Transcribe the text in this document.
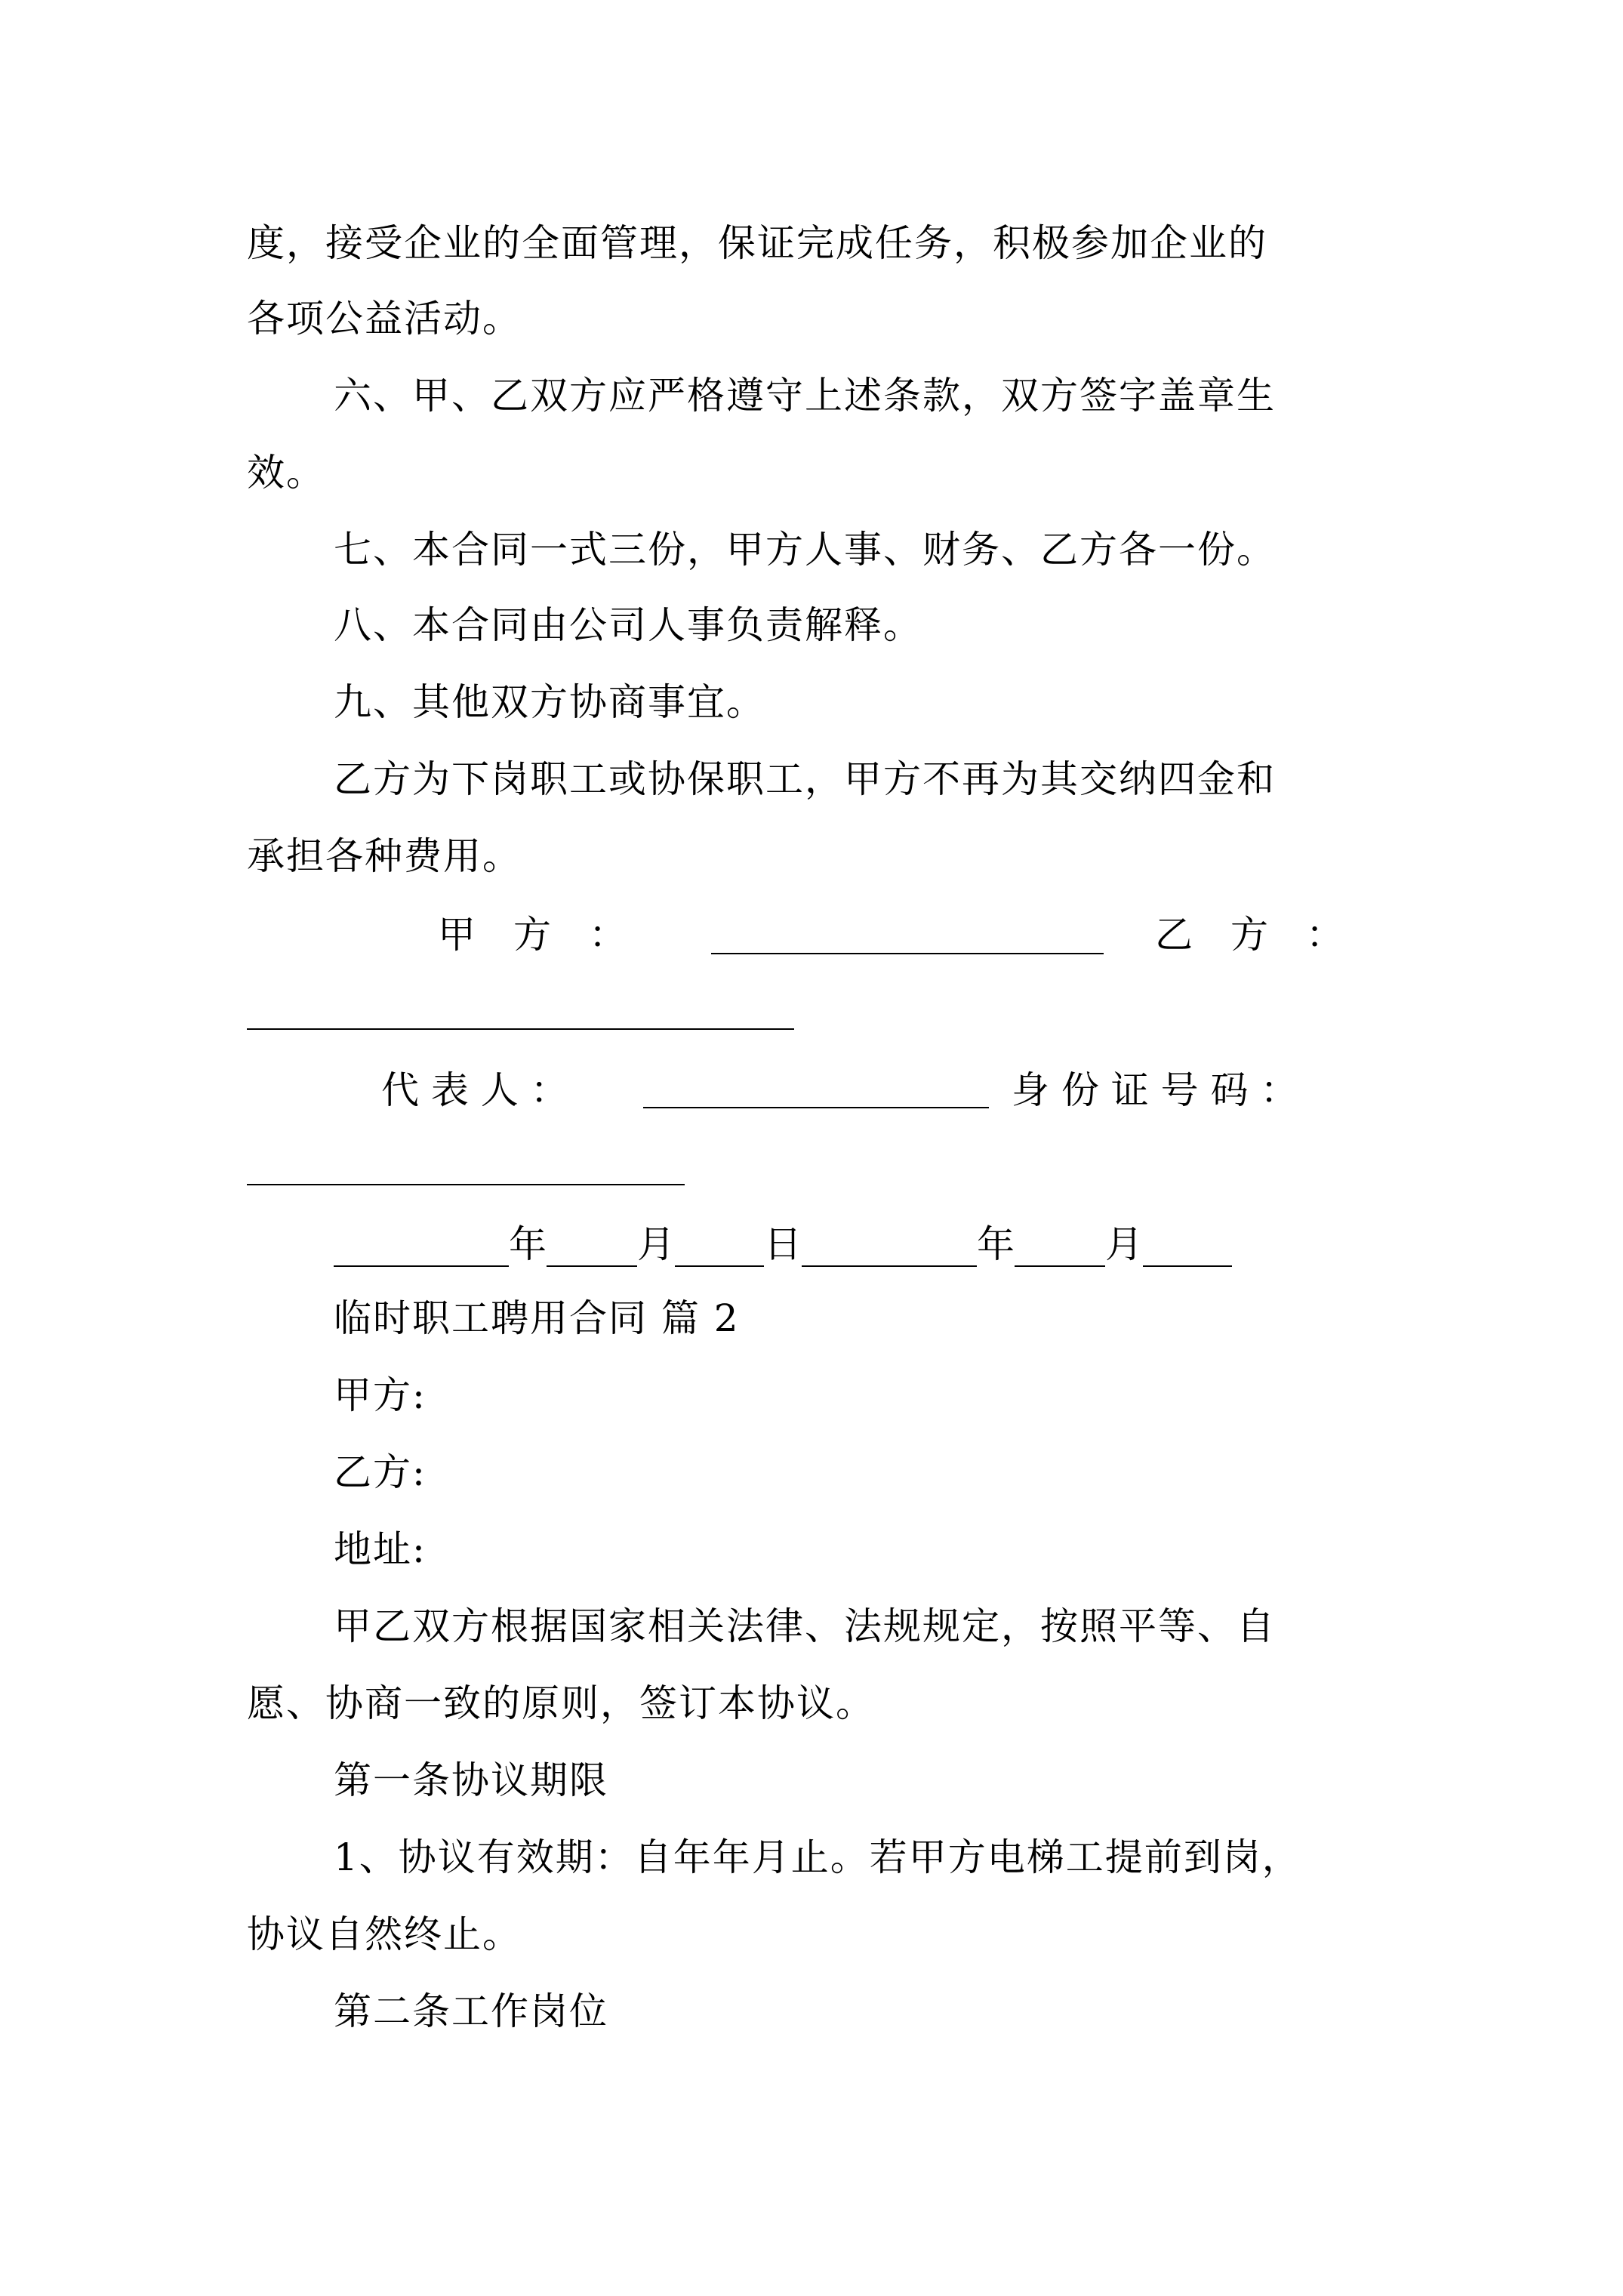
度，接受企业的全面管理，保证完成任务，积极参加企业的
各项公益活动。
六、甲、乙双方应严格遵守上述条款，双方签字盖章生
效。
七、本合同一式三份，甲方人事、财务、乙方各一份。
八、本合同由公司人事负责解释。
九、其他双方协商事宜。
乙方为下岗职工或协保职工，甲方不再为其交纳四金和
承担各种费用。
甲　方　：	乙　方　：
代 表 人 ：	身 份 证 号 码 ：
年 月 日	年 月
临时职工聘用合同 篇 2
甲方:
乙方:
地址:
甲乙双方根据国家相关法律、法规规定，按照平等、自
愿、协商一致的原则，签订本协议。
第一条协议期限
1、协议有效期：自年年月止。若甲方电梯工提前到岗，
协议自然终止。
第二条工作岗位
